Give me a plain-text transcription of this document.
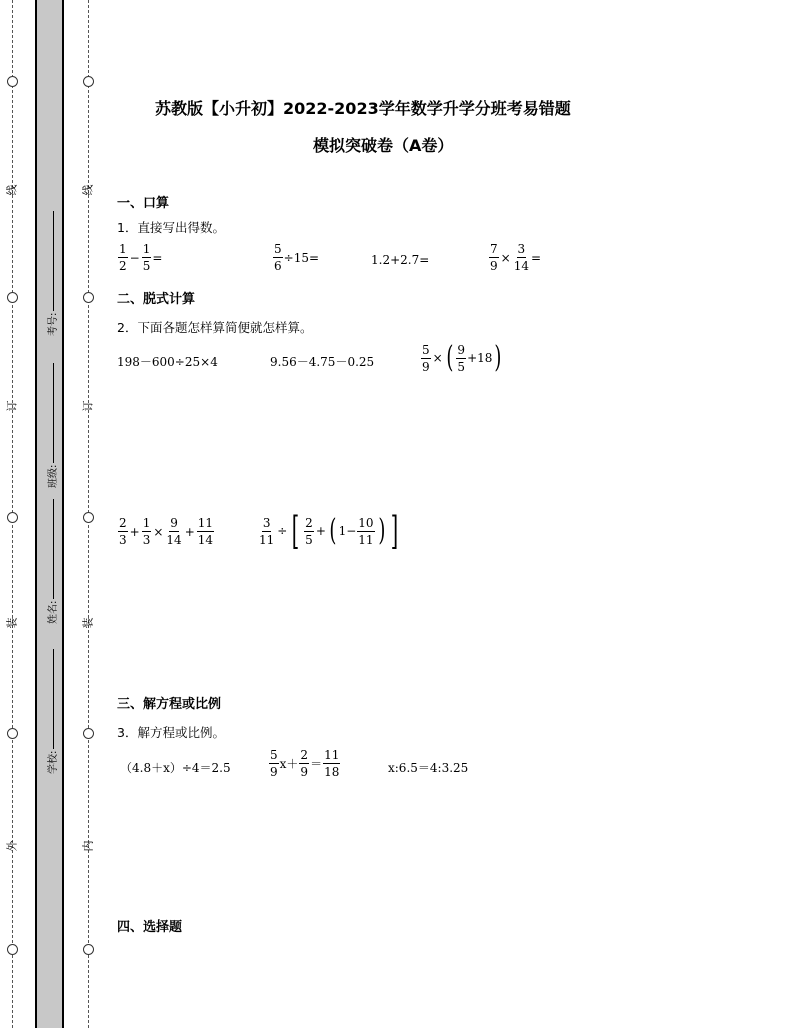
线
订
装
外
线
订
装
内
考号:
班级:
姓名:
学校:
苏教版【小升初】2022-2023学年数学升学分班考易错题
模拟突破卷（A卷）
一、口算
1．直接写出得数。
$\frac{1}{2} - \frac{1}{5}$ =	$\frac{5}{6} \div 15=$	1.2+2.7=	$\frac{7}{9} \times \frac{3}{14}$ =
二、脱式计算
2．下面各题怎样算简便就怎样算。
198－600÷25×4	9.56－4.75－0.25	$\frac{5}{9}$ × ( $\frac{9}{5} +18$ )
$\frac{2}{3} + \frac{1}{3} \times \frac{9}{14} + \frac{11}{14}$	$\frac{3}{11}$ ÷ [ $\frac{2}{5}$ + ( $1- \frac{10}{11}$ ) ]
三、解方程或比例
3．解方程或比例。
（4.8＋x）÷4＝2.5	$\frac{5}{9} x+ \frac{2}{9} = \frac{11}{18}$	x:6.5＝4:3.25
四、选择题
